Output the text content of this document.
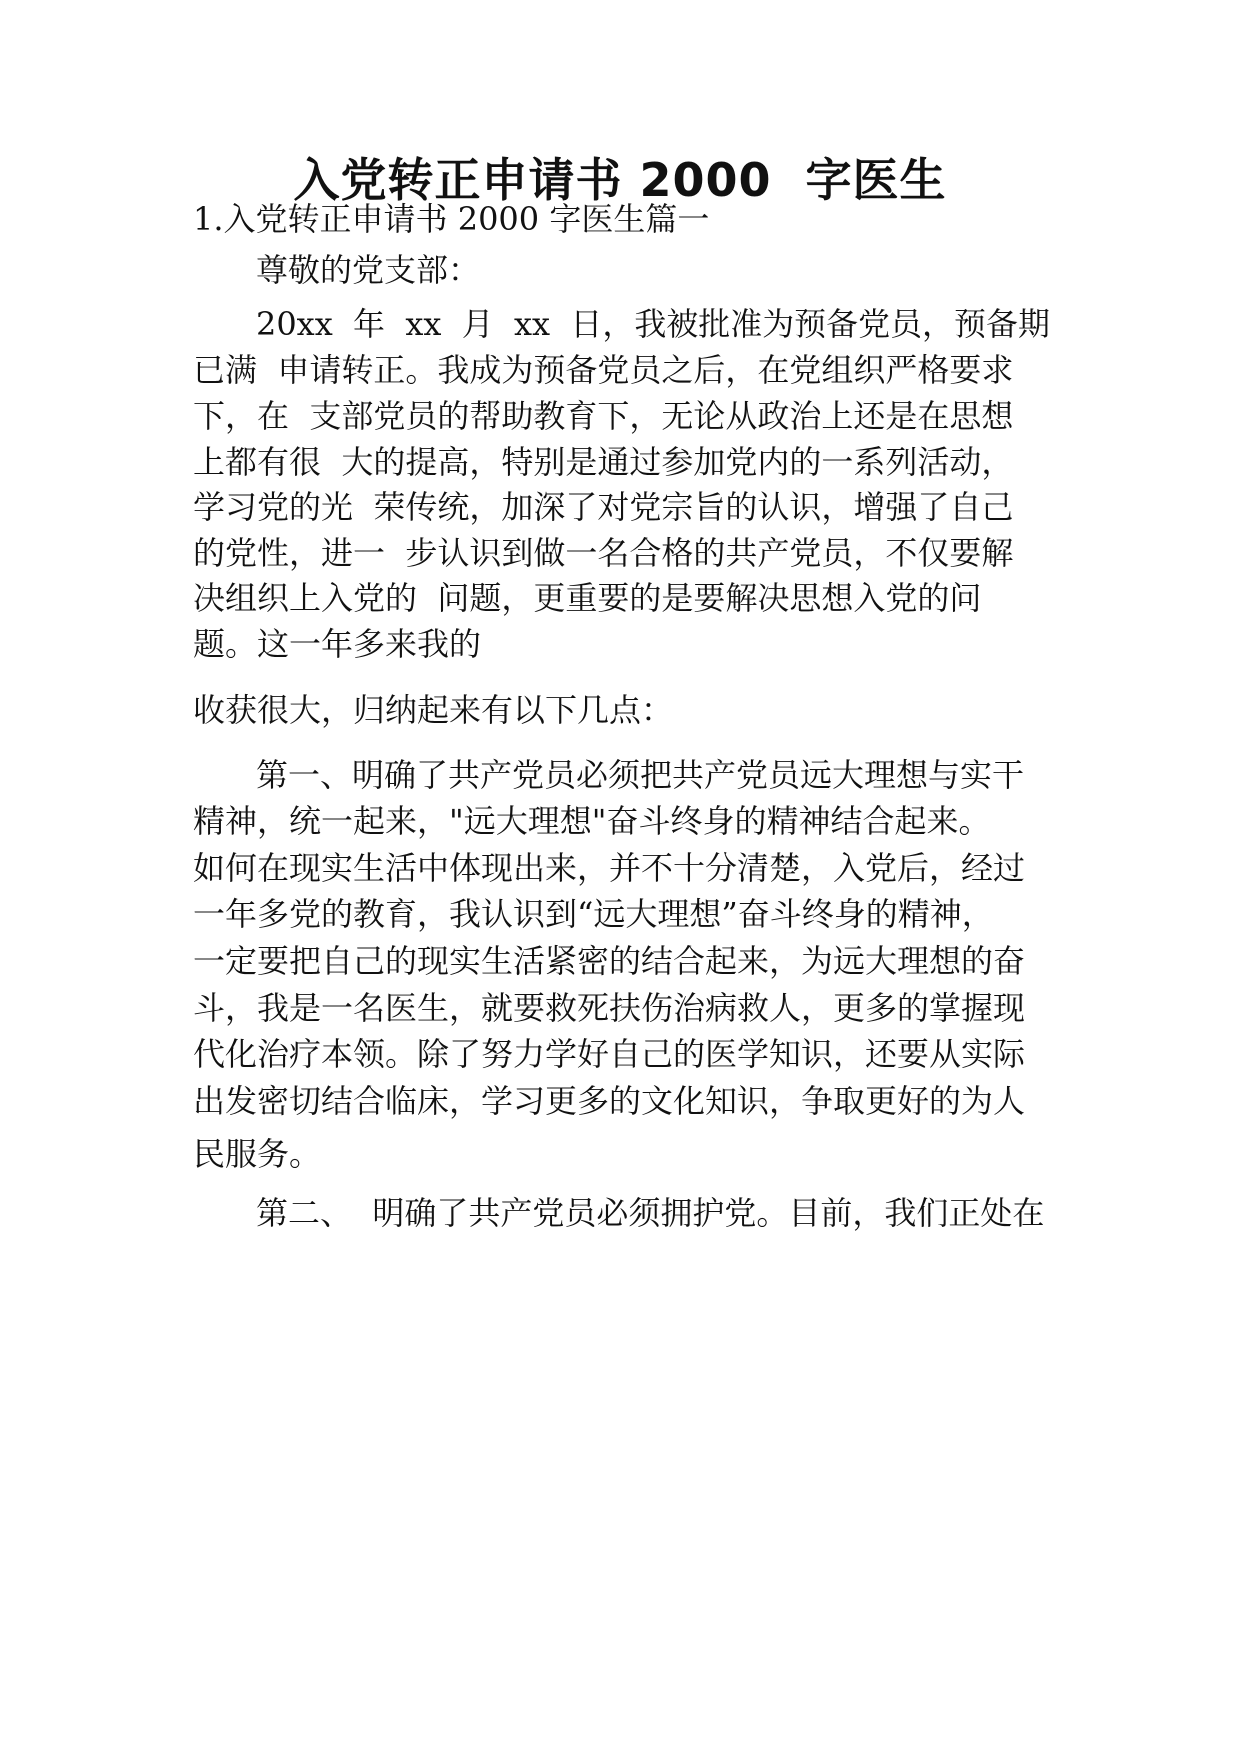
入党转正申请书 2000  字医生
1.入党转正申请书 2000 字医生篇一
尊敬的党支部：
20xx  年  xx  月  xx  日，我被批准为预备党员，预备期
已满  申请转正。我成为预备党员之后，在党组织严格要求
下，在  支部党员的帮助教育下，无论从政治上还是在思想
上都有很  大的提高，特别是通过参加党内的一系列活动，
学习党的光  荣传统，加深了对党宗旨的认识，增强了自己
的党性，进一  步认识到做一名合格的共产党员，不仅要解
决组织上入党的  问题，更重要的是要解决思想入党的问
题。这一年多来我的
收获很大，归纳起来有以下几点：
第一、明确了共产党员必须把共产党员远大理想与实干
精神，统一起来，"远大理想"奋斗终身的精神结合起来。
如何在现实生活中体现出来，并不十分清楚，入党后，经过
一年多党的教育，我认识到“远大理想”奋斗终身的精神，
一定要把自己的现实生活紧密的结合起来，为远大理想的奋
斗，我是一名医生，就要救死扶伤治病救人，更多的掌握现
代化治疗本领。除了努力学好自己的医学知识，还要从实际
出发密切结合临床，学习更多的文化知识，争取更好的为人
民服务。
第二、  明确了共产党员必须拥护党。目前，我们正处在
